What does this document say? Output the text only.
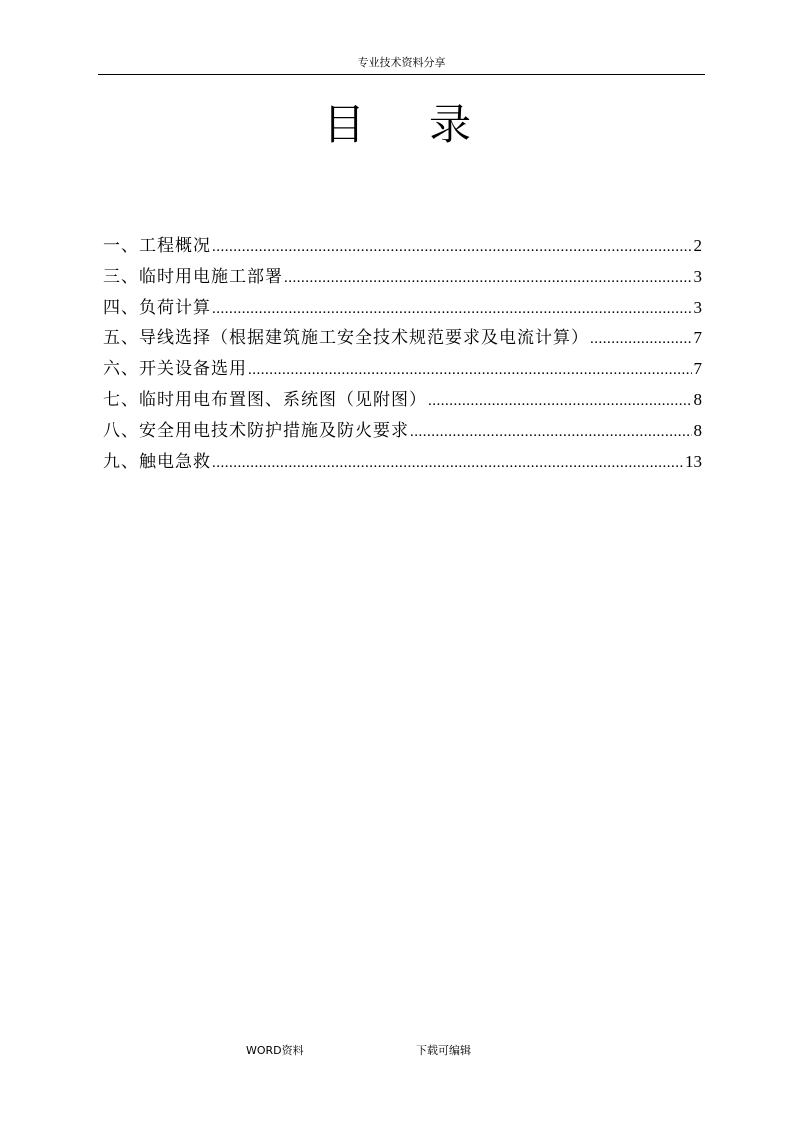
专业技术资料分享
目录
一、工程概况 .....	2
三、临时用电施工部署 .....	3
四、负荷计算 .....	3
五、导线选择（根据建筑施工安全技术规范要求及电流计算） .....	7
六、开关设备选用 .....	7
七、临时用电布置图、系统图（见附图） .....	8
八、安全用电技术防护措施及防火要求 .....	8
九、触电急救 .....	13
WORD资料	下载可编辑
